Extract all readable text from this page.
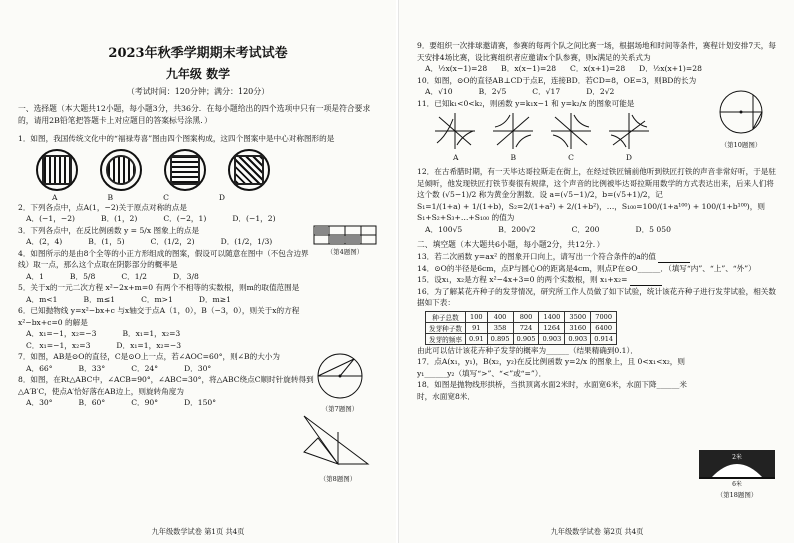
2023年秋季学期期末考试试卷
九年级 数学
（考试时间：120分钟；满分：120分）
一、选择题（本大题共12小题，每小题3分，共36分．在每小题给出的四个选项中只有一项是符合要求的，请用2B铅笔把答题卡上对应题目的答案标号涂黑．）
1．如图，我国传统文化中的“福禄寿喜”图由四个图案构成，这四个图案中是中心对称图形的是
A	B	C	D
2．下列各点中，点A(1，−2)关于原点对称的点是
A．(−1，−2)	B．(1，2)	C．(−2，1)	D．(−1，2)
3．下列各点中，在反比例函数 y = 5/x 图象上的点是
A．(2，4)	B．(1，5)	C．(1/2，2)	D．(1/2，1/3)
4．如图所示的是由8个全等的小正方形组成的图案，假设可以随意在图中（不包含边界线）取一点，那么这个点取在阴影部分的概率是
A．1	B．5/8	C．1/2	D．3/8
5．关于x的一元二次方程 x²−2x+m=0 有两个不相等的实数根，则m的取值范围是
A．m<1	B．m≤1	C．m>1	D．m≥1
6．已知抛物线 y=x²−bx+c 与x轴交于点A（1，0），B（−3，0），则关于x的方程 x²−bx+c=0 的解是
A．x₁=−1，x₂=−3	B．x₁=1，x₂=3
C．x₁=−1，x₂=3	D．x₁=1，x₂=−3
7．如图，AB是⊙O的直径，C是⊙O上一点，若∠AOC=60°，则∠B的大小为
A．66°	B．33°	C．24°	D．30°
8．如图，在Rt△ABC中，∠ACB=90°，∠ABC=30°，将△ABC绕点C顺时针旋转得到△A′B′C，使点A′恰好落在AB边上，则旋转角度为
A．30°	B．60°	C．90°	D．150°
（第4题图）
（第7题图）
（第8题图）
九年级数学试卷 第1页 共4页
9．要组织一次排球邀请赛，参赛的每两个队之间比赛一场，根据场地和时间等条件，赛程计划安排7天，每天安排4场比赛，设比赛组织者应邀请x个队参赛，则x满足的关系式为
A．½x(x−1)=28 B．x(x−1)=28 C．x(x+1)=28 D．½x(x+1)=28
10．如图，⊙O的直径AB⊥CD于点E，连接BD．若CD=8，OE=3，则BD的长为
A．√10	B．2√5	C．√17	D．2√2
11．已知k₁<0<k₂，则函数 y=k₁x−1 和 y=k₂/x 的图象可能是
A	B	C	D
12．在古希腊时期，有一天毕达哥拉斯走在街上，在经过铁匠铺前他听到铁匠打铁的声音非常好听，于是驻足倾听，他发现铁匠打铁节奏很有规律，这个声音的比例被毕达哥拉斯用数学的方式表达出来，后来人们将这个数 (√5−1)/2 称为黄金分割数．设 a=(√5−1)/2，b=(√5+1)/2，记
S₁=1/(1+a) + 1/(1+b)，S₂=2/(1+a²) + 2/(1+b²)，…，S₁₀₀=100/(1+a¹⁰⁰) + 100/(1+b¹⁰⁰)，则 S₁+S₂+S₃+…+S₁₀₀ 的值为
A．100√5	B．200√2	C．200	D．5 050
二、填空题（本大题共6小题，每小题2分，共12分．）
13．若二次函数 y=ax² 的图象开口向上，请写出一个符合条件的a的值
14．⊙O的半径是6cm，点P与圆心O的距离是4cm，则点P在⊙O______．（填写“内”、“上”、“外”）
15．设x₁，x₂是方程 x²−4x+3=0 的两个实数根，则 x₁+x₂=
16．为了解某花卉种子的发芽情况，研究所工作人员做了如下试验，统计该花卉种子进行发芽试验，相关数据如下表：
种子总数	100	400	800	1400	3500	7000
发芽种子数	91	358	724	1264	3160	6400
发芽的频率	0.91	0.895	0.905	0.903	0.903	0.914
由此可以估计该花卉种子发芽的概率为______（结果精确到0.1）．
17．点A(x₁，y₁)，B(x₂，y₂)在反比例函数 y=2/x 的图象上，且 0<x₁<x₂，则 y₁______y₂（填写“>”、“<”或“=”）．
18．如图是抛物线形拱桥，当拱顶离水面2米时，水面宽6米，水面下降______米时，水面宽8米．
（第10题图）
2米
6米
（第18题图）
九年级数学试卷 第2页 共4页
